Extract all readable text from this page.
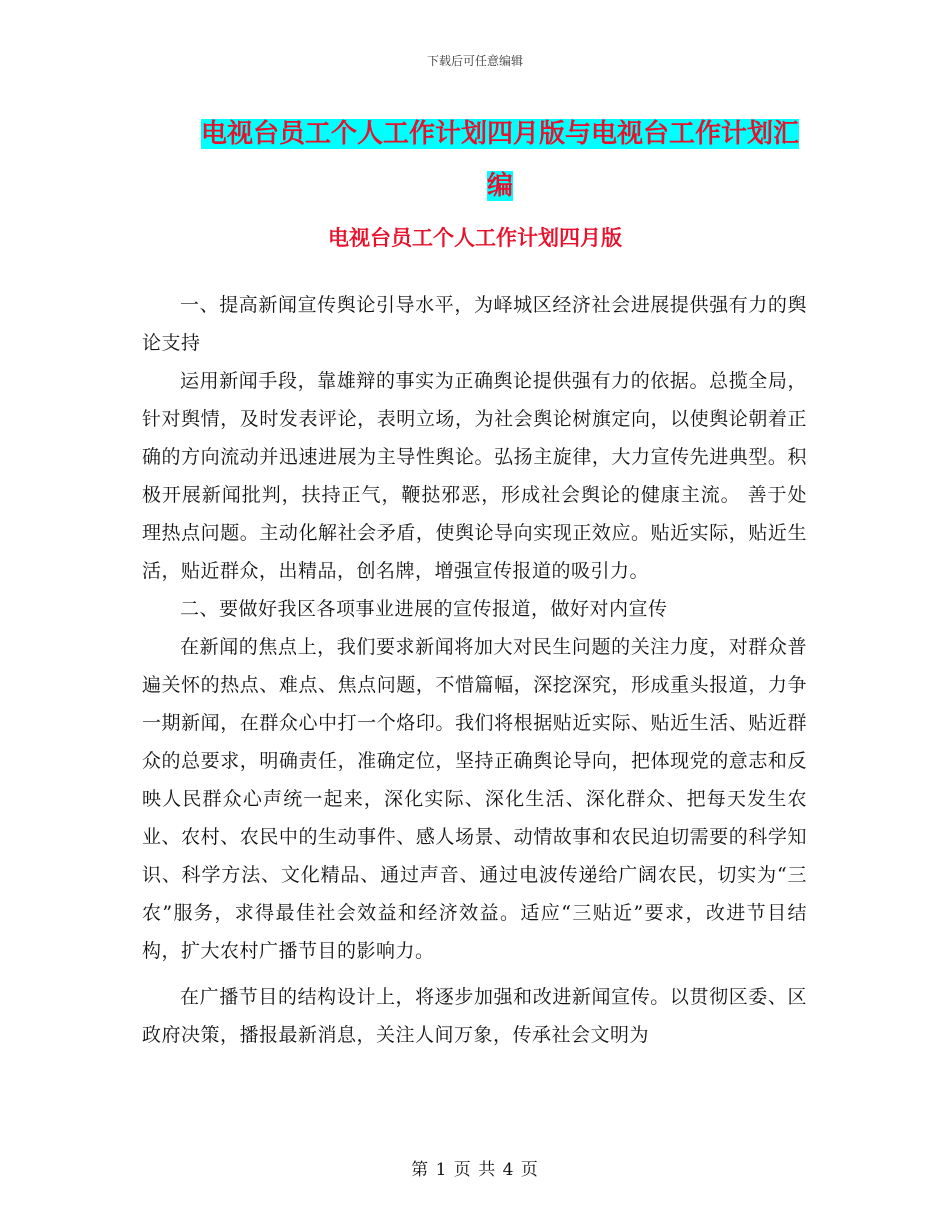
下载后可任意编辑
电视台员工个人工作计划四月版与电视台工作计划汇编
电视台员工个人工作计划四月版

一、提高新闻宣传舆论引导水平，为峄城区经济社会进展提供强有力的舆论支持

运用新闻手段，靠雄辩的事实为正确舆论提供强有力的依据。总揽全局，针对舆情，及时发表评论，表明立场，为社会舆论树旗定向，以使舆论朝着正确的方向流动并迅速进展为主导性舆论。弘扬主旋律，大力宣传先进典型。积极开展新闻批判，扶持正气，鞭挞邪恶，形成社会舆论的健康主流。 善于处理热点问题。主动化解社会矛盾，使舆论导向实现正效应。贴近实际，贴近生活，贴近群众，出精品，创名牌，增强宣传报道的吸引力。

二、要做好我区各项事业进展的宣传报道，做好对内宣传

在新闻的焦点上，我们要求新闻将加大对民生问题的关注力度，对群众普遍关怀的热点、难点、焦点问题，不惜篇幅，深挖深究，形成重头报道，力争一期新闻，在群众心中打一个烙印。我们将根据贴近实际、贴近生活、贴近群众的总要求，明确责任，准确定位，坚持正确舆论导向，把体现党的意志和反映人民群众心声统一起来，深化实际、深化生活、深化群众、把每天发生农业、农村、农民中的生动事件、感人场景、动情故事和农民迫切需要的科学知识、科学方法、文化精品、通过声音、通过电波传递给广阔农民，切实为“三农”服务，求得最佳社会效益和经济效益。适应“三贴近”要求，改进节目结构，扩大农村广播节目的影响力。

在广播节目的结构设计上，将逐步加强和改进新闻宣传。以贯彻区委、区政府决策，播报最新消息，关注人间万象，传承社会文明为

第 1 页 共 4 页
